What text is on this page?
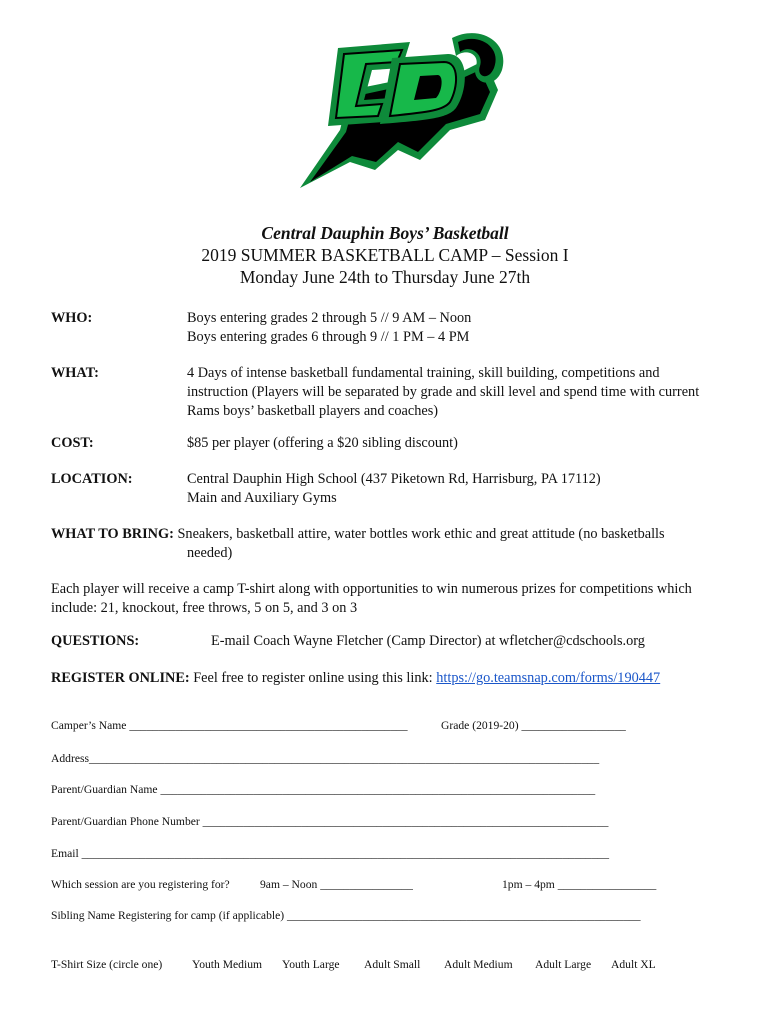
Central Dauphin Boys’ Basketball
2019 SUMMER BASKETBALL CAMP – Session I
Monday June 24th to Thursday June 27th
WHO:	Boys entering grades 2 through 5 // 9 AM – Noon
Boys entering grades 6 through 9 // 1 PM – 4 PM
WHAT:	4 Days of intense basketball fundamental training, skill building, competitions and
instruction (Players will be separated by grade and skill level and spend time with current
Rams boys’ basketball players and coaches)
COST:	$85 per player (offering a $20 sibling discount)
LOCATION:	Central Dauphin High School (437 Piketown Rd, Harrisburg, PA 17112)
Main and Auxiliary Gyms
WHAT TO BRING: Sneakers, basketball attire, water bottles work ethic and great attitude (no basketballs
needed)
Each player will receive a camp T-shirt along with opportunities to win numerous prizes for competitions which
include: 21, knockout, free throws, 5 on 5, and 3 on 3
QUESTIONS:	E-mail Coach Wayne Fletcher (Camp Director) at wfletcher@cdschools.org
REGISTER ONLINE: Feel free to register online using this link: https://go.teamsnap.com/forms/190447
Camper’s Name ________________________________________________	Grade (2019-20) __________________
Address________________________________________________________________________________________
Parent/Guardian Name ___________________________________________________________________________
Parent/Guardian Phone Number ______________________________________________________________________
Email ___________________________________________________________________________________________
Which session are you registering for?	9am – Noon ________________	1pm – 4pm _________________
Sibling Name Registering for camp (if applicable) _____________________________________________________________
T-Shirt Size (circle one)	Youth Medium Youth Large Adult Small Adult Medium Adult Large Adult XL
